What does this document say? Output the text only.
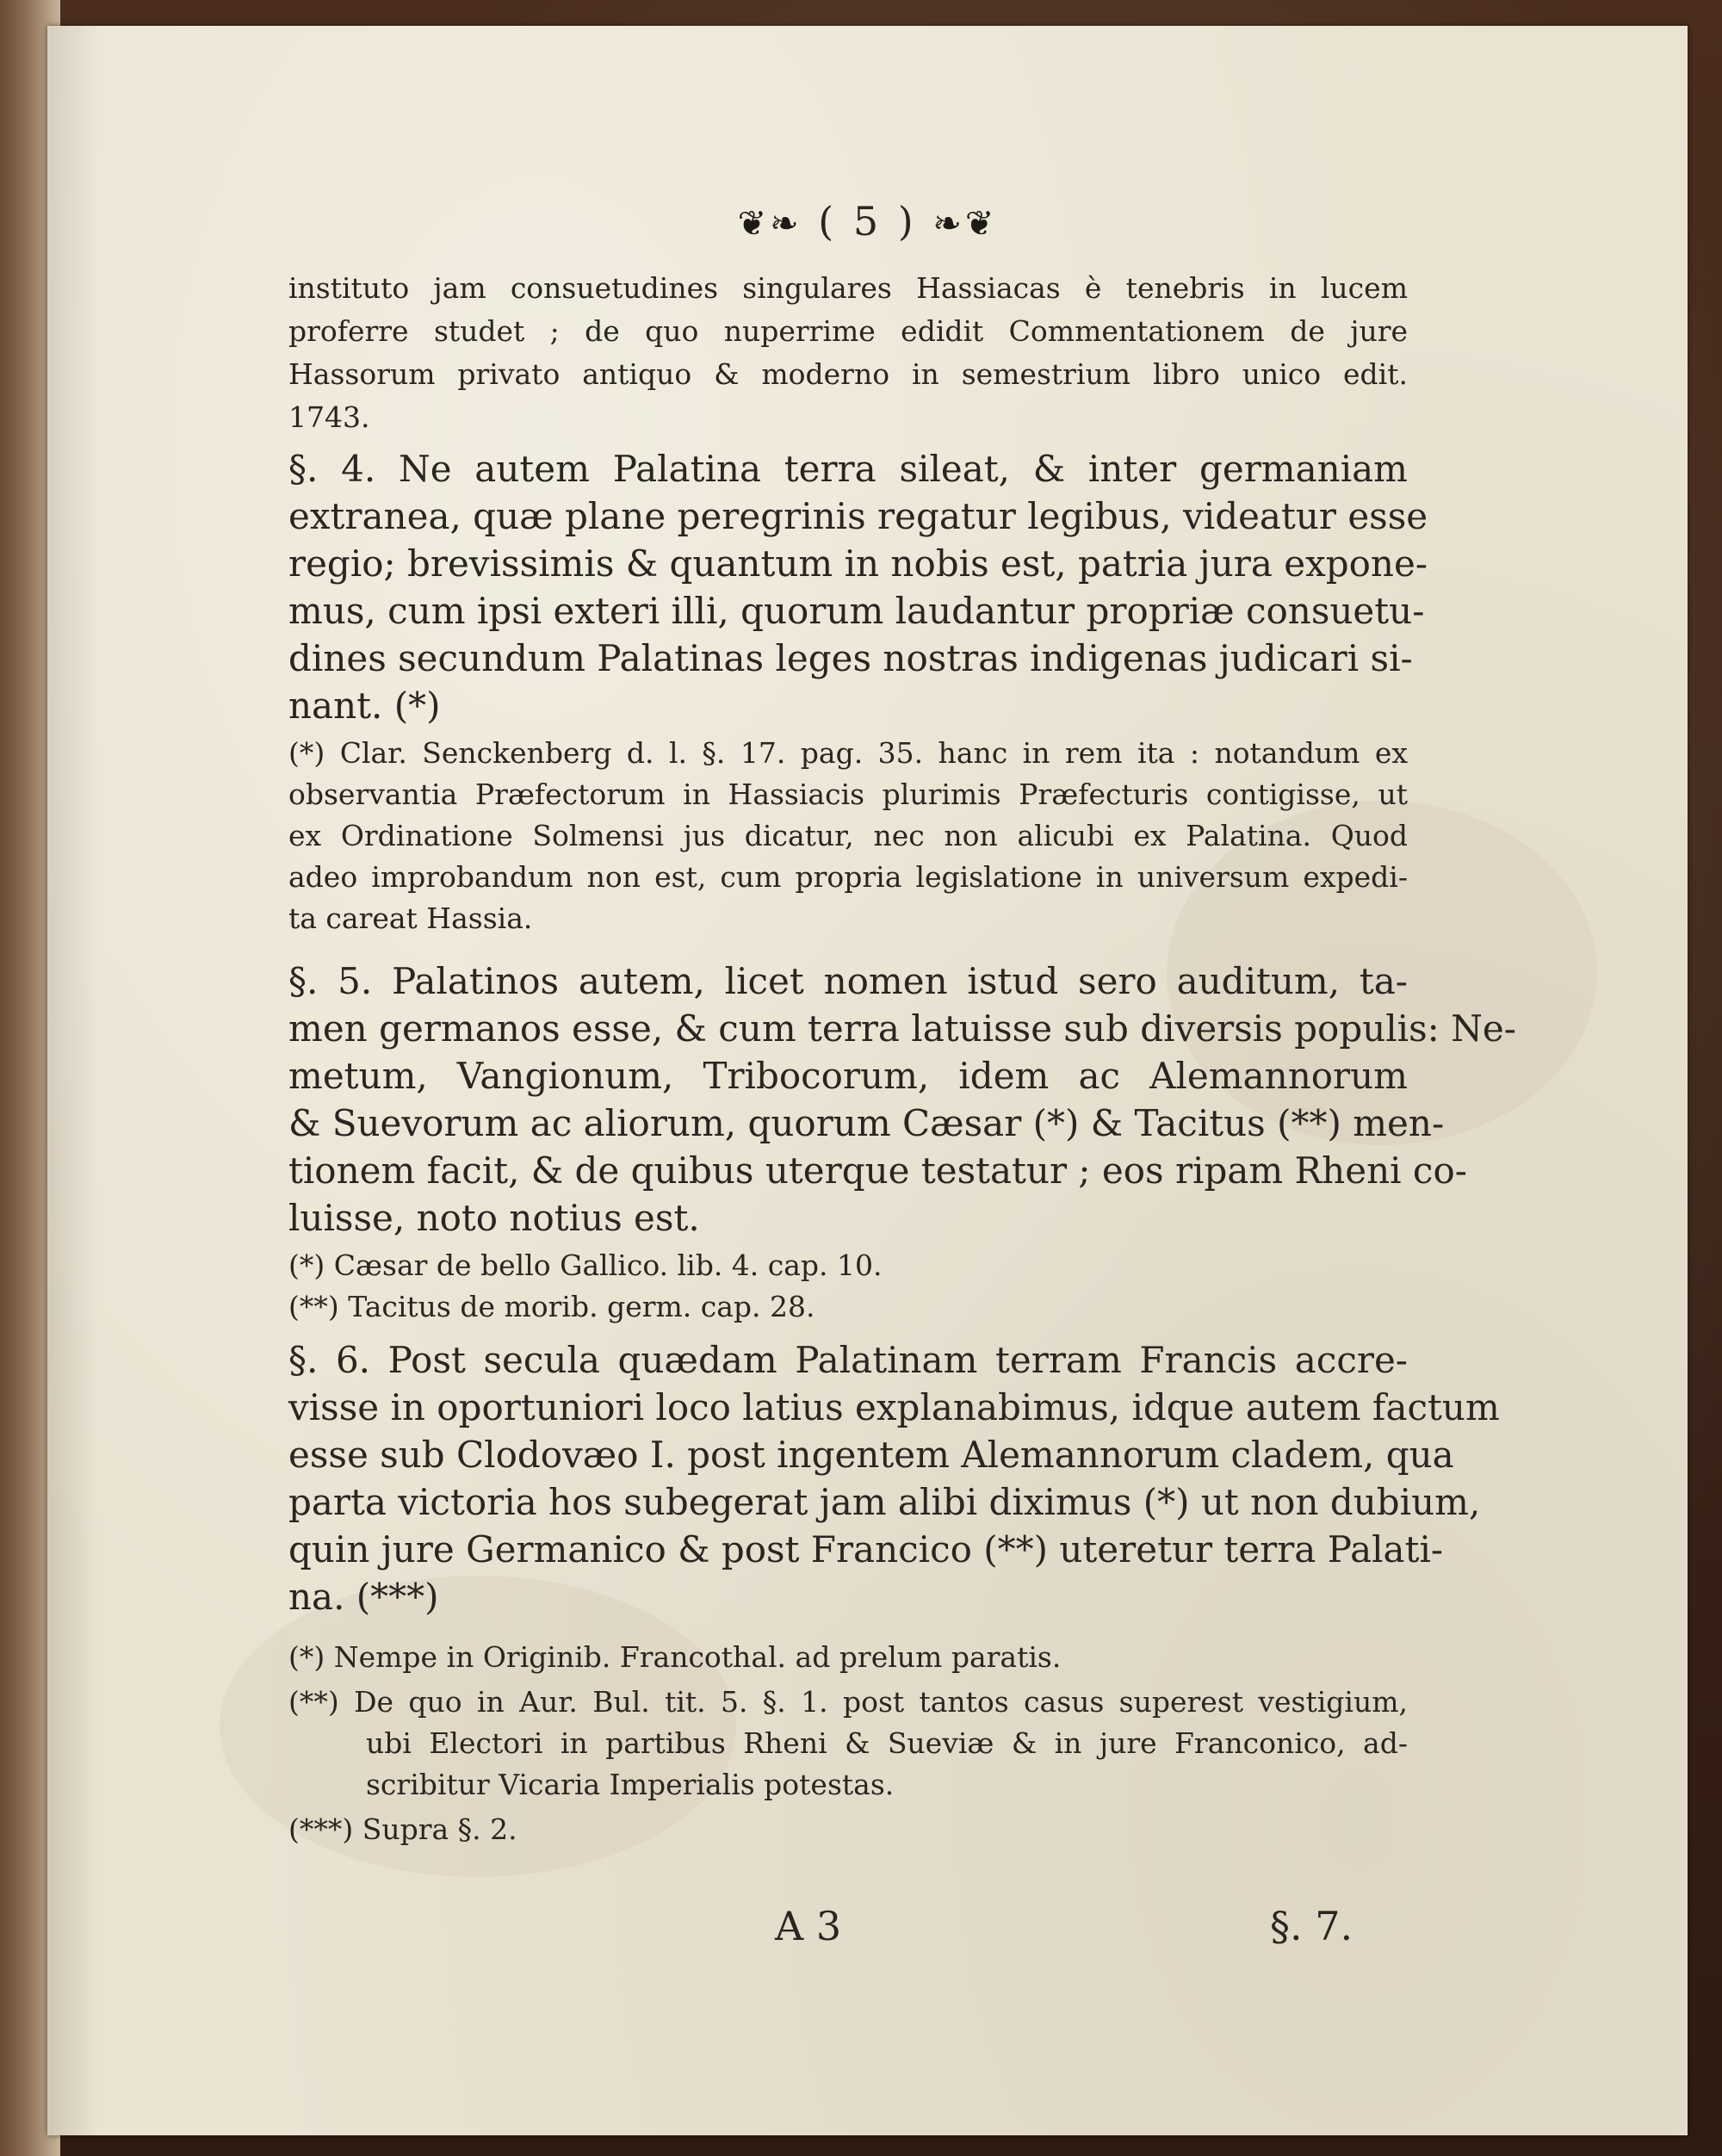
❦❧ ( 5 ) ❧❦
instituto jam consuetudines singulares Hassiacas è tenebris in lucem
proferre studet ; de quo nuperrime edidit Commentationem de jure
Hassorum privato antiquo & moderno in semestrium libro unico edit.
1743.
§. 4. Ne autem Palatina terra sileat, & inter germaniam
extranea, quæ plane peregrinis regatur legibus, videatur esse
regio; brevissimis & quantum in nobis est, patria jura expone-
mus, cum ipsi exteri illi, quorum laudantur propriæ consuetu-
dines secundum Palatinas leges nostras indigenas judicari si-
nant. (*)
(*) Clar. Senckenberg d. l. §. 17. pag. 35. hanc in rem ita : notandum ex
observantia Præfectorum in Hassiacis plurimis Præfecturis contigisse, ut
ex Ordinatione Solmensi jus dicatur, nec non alicubi ex Palatina. Quod
adeo improbandum non est, cum propria legislatione in universum expedi-
ta careat Hassia.
§. 5. Palatinos autem, licet nomen istud sero auditum, ta-
men germanos esse, & cum terra latuisse sub diversis populis: Ne-
metum, Vangionum, Tribocorum, idem ac Alemannorum
& Suevorum ac aliorum, quorum Cæsar (*) & Tacitus (**) men-
tionem facit, & de quibus uterque testatur ; eos ripam Rheni co-
luisse, noto notius est.
(*) Cæsar de bello Gallico. lib. 4. cap. 10.
(**) Tacitus de morib. germ. cap. 28.
§. 6. Post secula quædam Palatinam terram Francis accre-
visse in oportuniori loco latius explanabimus, idque autem factum
esse sub Clodovæo I. post ingentem Alemannorum cladem, qua
parta victoria hos subegerat jam alibi diximus (*) ut non dubium,
quin jure Germanico & post Francico (**) uteretur terra Palati-
na. (***)
(*) Nempe in Originib. Francothal. ad prelum paratis.
(**) De quo in Aur. Bul. tit. 5. §. 1. post tantos casus superest vestigium,
ubi Electori in partibus Rheni & Sueviæ & in jure Franconico, ad-
scribitur Vicaria Imperialis potestas.
(***) Supra §. 2.
A 3	§. 7.
